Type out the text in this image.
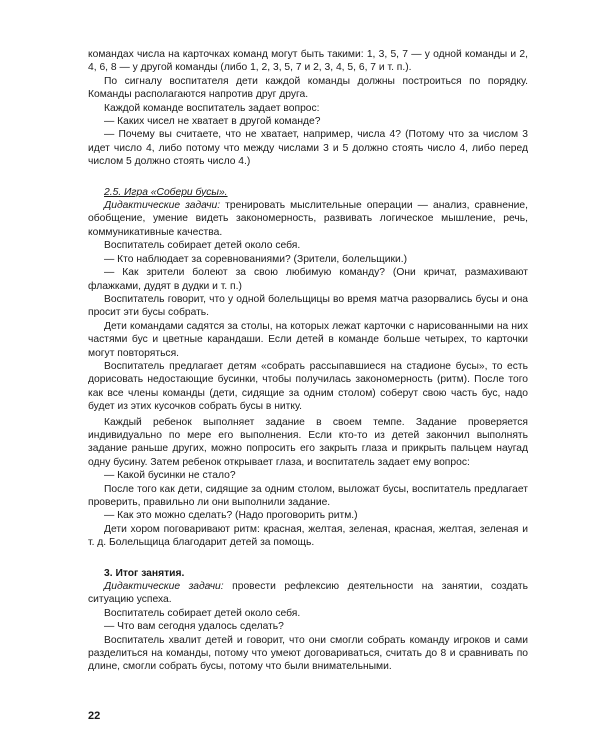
командах числа на карточках команд могут быть такими: 1, 3, 5, 7 — у одной команды и 2, 4, 6, 8 — у другой команды (либо 1, 2, 3, 5, 7 и 2, 3, 4, 5, 6, 7 и т. п.).

По сигналу воспитателя дети каждой команды должны построиться по порядку. Команды располагаются напротив друг друга.

Каждой команде воспитатель задает вопрос:

— Каких чисел не хватает в другой команде?

— Почему вы считаете, что не хватает, например, числа 4? (Потому что за числом 3 идет число 4, либо потому что между числами 3 и 5 должно стоять число 4, либо перед числом 5 должно стоять число 4.)

2.5. Игра «Собери бусы».

Дидактические задачи: тренировать мыслительные операции — анализ, сравнение, обобщение, умение видеть закономерность, развивать логическое мышление, речь, коммуникативные качества.

Воспитатель собирает детей около себя.

— Кто наблюдает за соревнованиями? (Зрители, болельщики.)

— Как зрители болеют за свою любимую команду? (Они кричат, размахивают флажками, дудят в дудки и т. п.)

Воспитатель говорит, что у одной болельщицы во время матча разорвались бусы и она просит эти бусы собрать.

Дети командами садятся за столы, на которых лежат карточки с нарисованными на них частями бус и цветные карандаши. Если детей в команде больше четырех, то карточки могут повторяться.

Воспитатель предлагает детям «собрать рассыпавшиеся на стадионе бусы», то есть дорисовать недостающие бусинки, чтобы получилась закономерность (ритм). После того как все члены команды (дети, сидящие за одним столом) соберут свою часть бус, надо будет из этих кусочков собрать бусы в нитку.

Каждый ребенок выполняет задание в своем темпе. Задание проверяется индивидуально по мере его выполнения. Если кто-то из детей закончил выполнять задание раньше других, можно попросить его закрыть глаза и прикрыть пальцем наугад одну бусину. Затем ребенок открывает глаза, и воспитатель задает ему вопрос:

— Какой бусинки не стало?

После того как дети, сидящие за одним столом, выложат бусы, воспитатель предлагает проверить, правильно ли они выполнили задание.

— Как это можно сделать? (Надо проговорить ритм.)

Дети хором поговаривают ритм: красная, желтая, зеленая, красная, желтая, зеленая и т. д. Болельщица благодарит детей за помощь.

3. Итог занятия.

Дидактические задачи: провести рефлексию деятельности на занятии, создать ситуацию успеха.

Воспитатель собирает детей около себя.

— Что вам сегодня удалось сделать?

Воспитатель хвалит детей и говорит, что они смогли собрать команду игроков и сами разделиться на команды, потому что умеют договариваться, считать до 8 и сравнивать по длине, смогли собрать бусы, потому что были внимательными.

22
